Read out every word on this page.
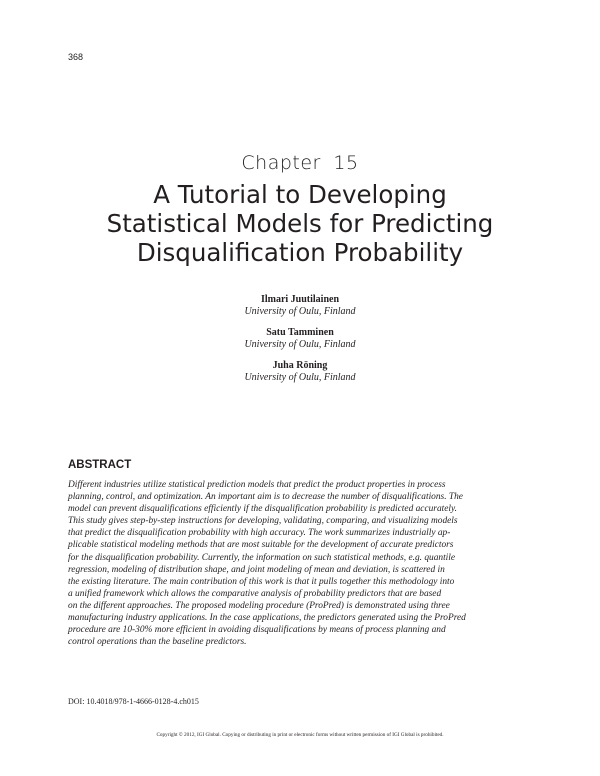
368
Chapter 15
A Tutorial to Developing
Statistical Models for Predicting
Disqualification Probability
Ilmari Juutilainen
University of Oulu, Finland
Satu Tamminen
University of Oulu, Finland
Juha Röning
University of Oulu, Finland
ABSTRACT
Different industries utilize statistical prediction models that predict the product properties in process
planning, control, and optimization. An important aim is to decrease the number of disqualifications. The
model can prevent disqualifications efficiently if the disqualification probability is predicted accurately.
This study gives step-by-step instructions for developing, validating, comparing, and visualizing models
that predict the disqualification probability with high accuracy. The work summarizes industrially ap-
plicable statistical modeling methods that are most suitable for the development of accurate predictors
for the disqualification probability. Currently, the information on such statistical methods, e.g. quantile
regression, modeling of distribution shape, and joint modeling of mean and deviation, is scattered in
the existing literature. The main contribution of this work is that it pulls together this methodology into
a unified framework which allows the comparative analysis of probability predictors that are based
on the different approaches. The proposed modeling procedure (ProPred) is demonstrated using three
manufacturing industry applications. In the case applications, the predictors generated using the ProPred
procedure are 10-30% more efficient in avoiding disqualifications by means of process planning and
control operations than the baseline predictors.
DOI: 10.4018/978-1-4666-0128-4.ch015
Copyright © 2012, IGI Global. Copying or distributing in print or electronic forms without written permission of IGI Global is prohibited.
